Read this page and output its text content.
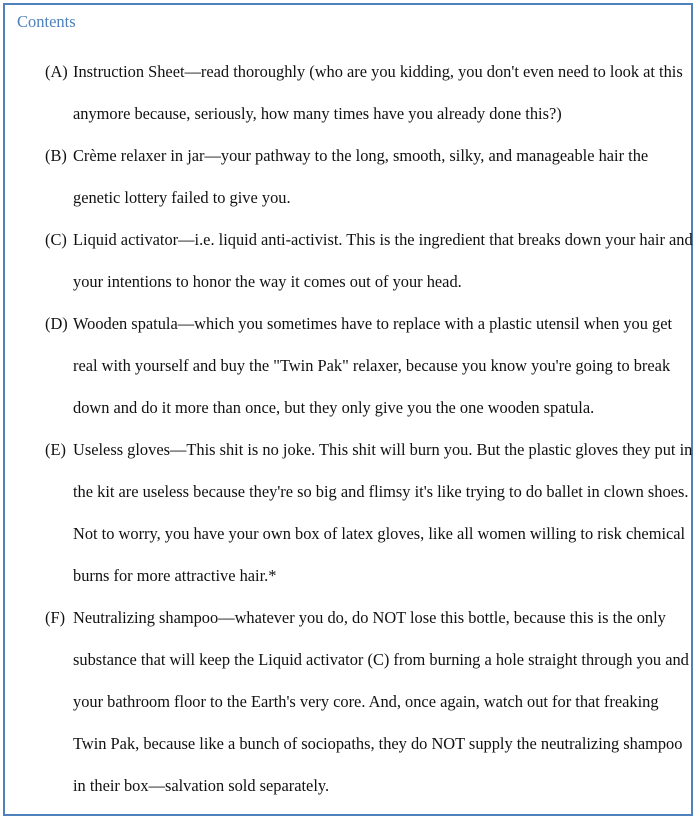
Contents
(A) Instruction Sheet—read thoroughly (who are you kidding, you don't even need to look at this anymore because, seriously, how many times have you already done this?)
(B) Crème relaxer in jar—your pathway to the long, smooth, silky, and manageable hair the genetic lottery failed to give you.
(C) Liquid activator—i.e. liquid anti-activist. This is the ingredient that breaks down your hair and your intentions to honor the way it comes out of your head.
(D) Wooden spatula—which you sometimes have to replace with a plastic utensil when you get real with yourself and buy the "Twin Pak" relaxer, because you know you're going to break down and do it more than once, but they only give you the one wooden spatula.
(E) Useless gloves—This shit is no joke. This shit will burn you. But the plastic gloves they put in the kit are useless because they're so big and flimsy it's like trying to do ballet in clown shoes. Not to worry, you have your own box of latex gloves, like all women willing to risk chemical burns for more attractive hair.*
(F) Neutralizing shampoo—whatever you do, do NOT lose this bottle, because this is the only substance that will keep the Liquid activator (C) from burning a hole straight through you and your bathroom floor to the Earth's very core. And, once again, watch out for that freaking Twin Pak, because like a bunch of sociopaths, they do NOT supply the neutralizing shampoo in their box—salvation sold separately.
